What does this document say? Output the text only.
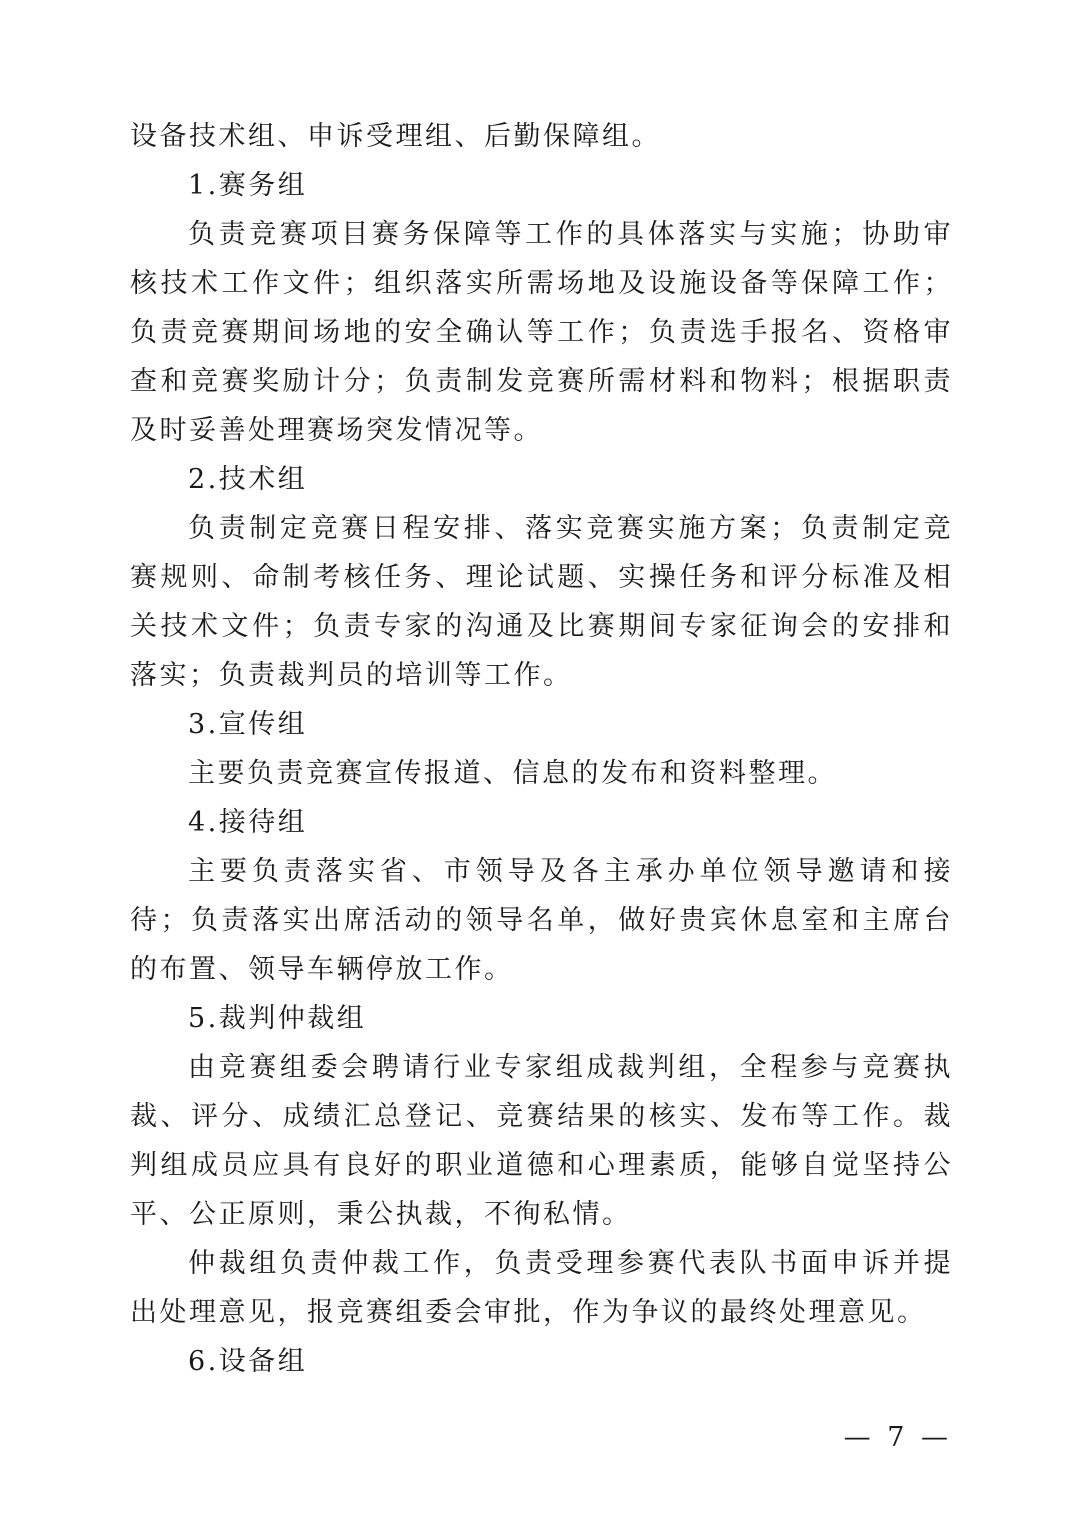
设备技术组、申诉受理组、后勤保障组。

1.赛务组

负责竞赛项目赛务保障等工作的具体落实与实施；协助审核技术工作文件；组织落实所需场地及设施设备等保障工作；负责竞赛期间场地的安全确认等工作；负责选手报名、资格审查和竞赛奖励计分；负责制发竞赛所需材料和物料；根据职责及时妥善处理赛场突发情况等。

2.技术组

负责制定竞赛日程安排、落实竞赛实施方案；负责制定竞赛规则、命制考核任务、理论试题、实操任务和评分标准及相关技术文件；负责专家的沟通及比赛期间专家征询会的安排和落实；负责裁判员的培训等工作。

3.宣传组

主要负责竞赛宣传报道、信息的发布和资料整理。

4.接待组

主要负责落实省、市领导及各主承办单位领导邀请和接待；负责落实出席活动的领导名单，做好贵宾休息室和主席台的布置、领导车辆停放工作。

5.裁判仲裁组

由竞赛组委会聘请行业专家组成裁判组，全程参与竞赛执裁、评分、成绩汇总登记、竞赛结果的核实、发布等工作。裁判组成员应具有良好的职业道德和心理素质，能够自觉坚持公平、公正原则，秉公执裁，不徇私情。

仲裁组负责仲裁工作，负责受理参赛代表队书面申诉并提出处理意见，报竞赛组委会审批，作为争议的最终处理意见。

6.设备组

— 7 —
